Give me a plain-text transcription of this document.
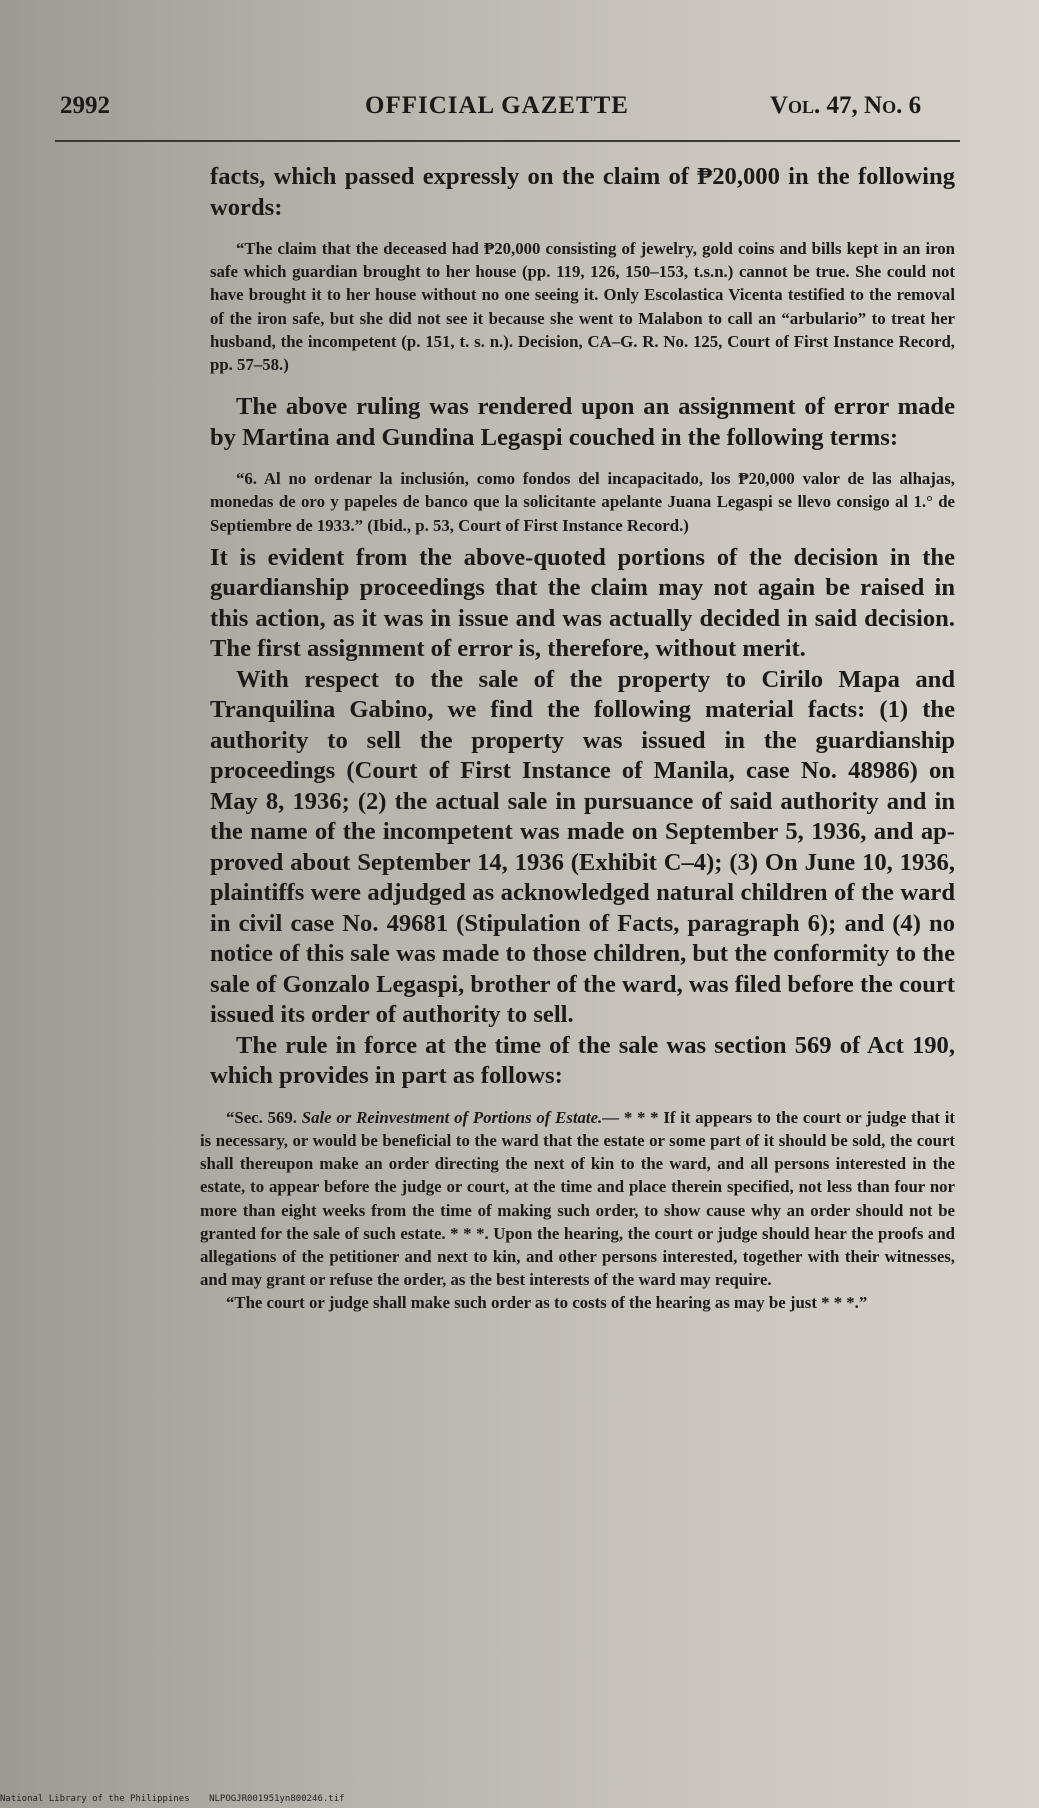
2992	OFFICIAL GAZETTE	Vol. 47, No. 6

facts, which passed expressly on the claim of ₱20,000 in the following words:

“The claim that the deceased had ₱20,000 consisting of jewelry, gold coins and bills kept in an iron safe which guardian brought to her house (pp. 119, 126, 150–153, t.s.n.) cannot be true. She could not have brought it to her house without no one seeing it. Only Escolastica Vicenta testified to the removal of the iron safe, but she did not see it because she went to Malabon to call an “arbulario” to treat her husband, the incompetent (p. 151, t. s. n.). Decision, CA–G. R. No. 125, Court of First Instance Record, pp. 57–58.)

The above ruling was rendered upon an assignment of error made by Martina and Gundina Legaspi couched in the following terms:

“6. Al no ordenar la inclusión, como fondos del incapacitado, los ₱20,000 valor de las alhajas, monedas de oro y papeles de banco que la solicitante apelante Juana Legaspi se llevo consigo al 1.° de Septiembre de 1933.” (Ibid., p. 53, Court of First Instance Record.)

It is evident from the above-quoted portions of the decision in the guardianship proceedings that the claim may not again be raised in this action, as it was in issue and was actually decided in said decision. The first assignment of error is, therefore, without merit.

With respect to the sale of the property to Cirilo Mapa and Tranquilina Gabino, we find the following material facts: (1) the authority to sell the property was issued in the guardianship proceedings (Court of First Instance of Manila, case No. 48986) on May 8, 1936; (2) the actual sale in pursuance of said authority and in the name of the incompetent was made on September 5, 1936, and approved about September 14, 1936 (Exhibit C–4); (3) On June 10, 1936, plaintiffs were adjudged as acknowledged natural children of the ward in civil case No. 49681 (Stipulation of Facts, paragraph 6); and (4) no notice of this sale was made to those children, but the conformity to the sale of Gonzalo Legaspi, brother of the ward, was filed before the court issued its order of authority to sell.

The rule in force at the time of the sale was section 569 of Act 190, which provides in part as follows:

“Sec. 569. Sale or Reinvestment of Portions of Estate.— * * * If it appears to the court or judge that it is necessary, or would be beneficial to the ward that the estate or some part of it should be sold, the court shall thereupon make an order directing the next of kin to the ward, and all persons interested in the estate, to appear before the judge or court, at the time and place therein specified, not less than four nor more than eight weeks from the time of making such order, to show cause why an order should not be granted for the sale of such estate. * * *. Upon the hearing, the court or judge should hear the proofs and allegations of the petitioner and next to kin, and other persons interested, together with their witnesses, and may grant or refuse the order, as the best interests of the ward may require.

“The court or judge shall make such order as to costs of the hearing as may be just * * *.”

National Library of the Philippines NLPOGJR001951yn800246.tif
